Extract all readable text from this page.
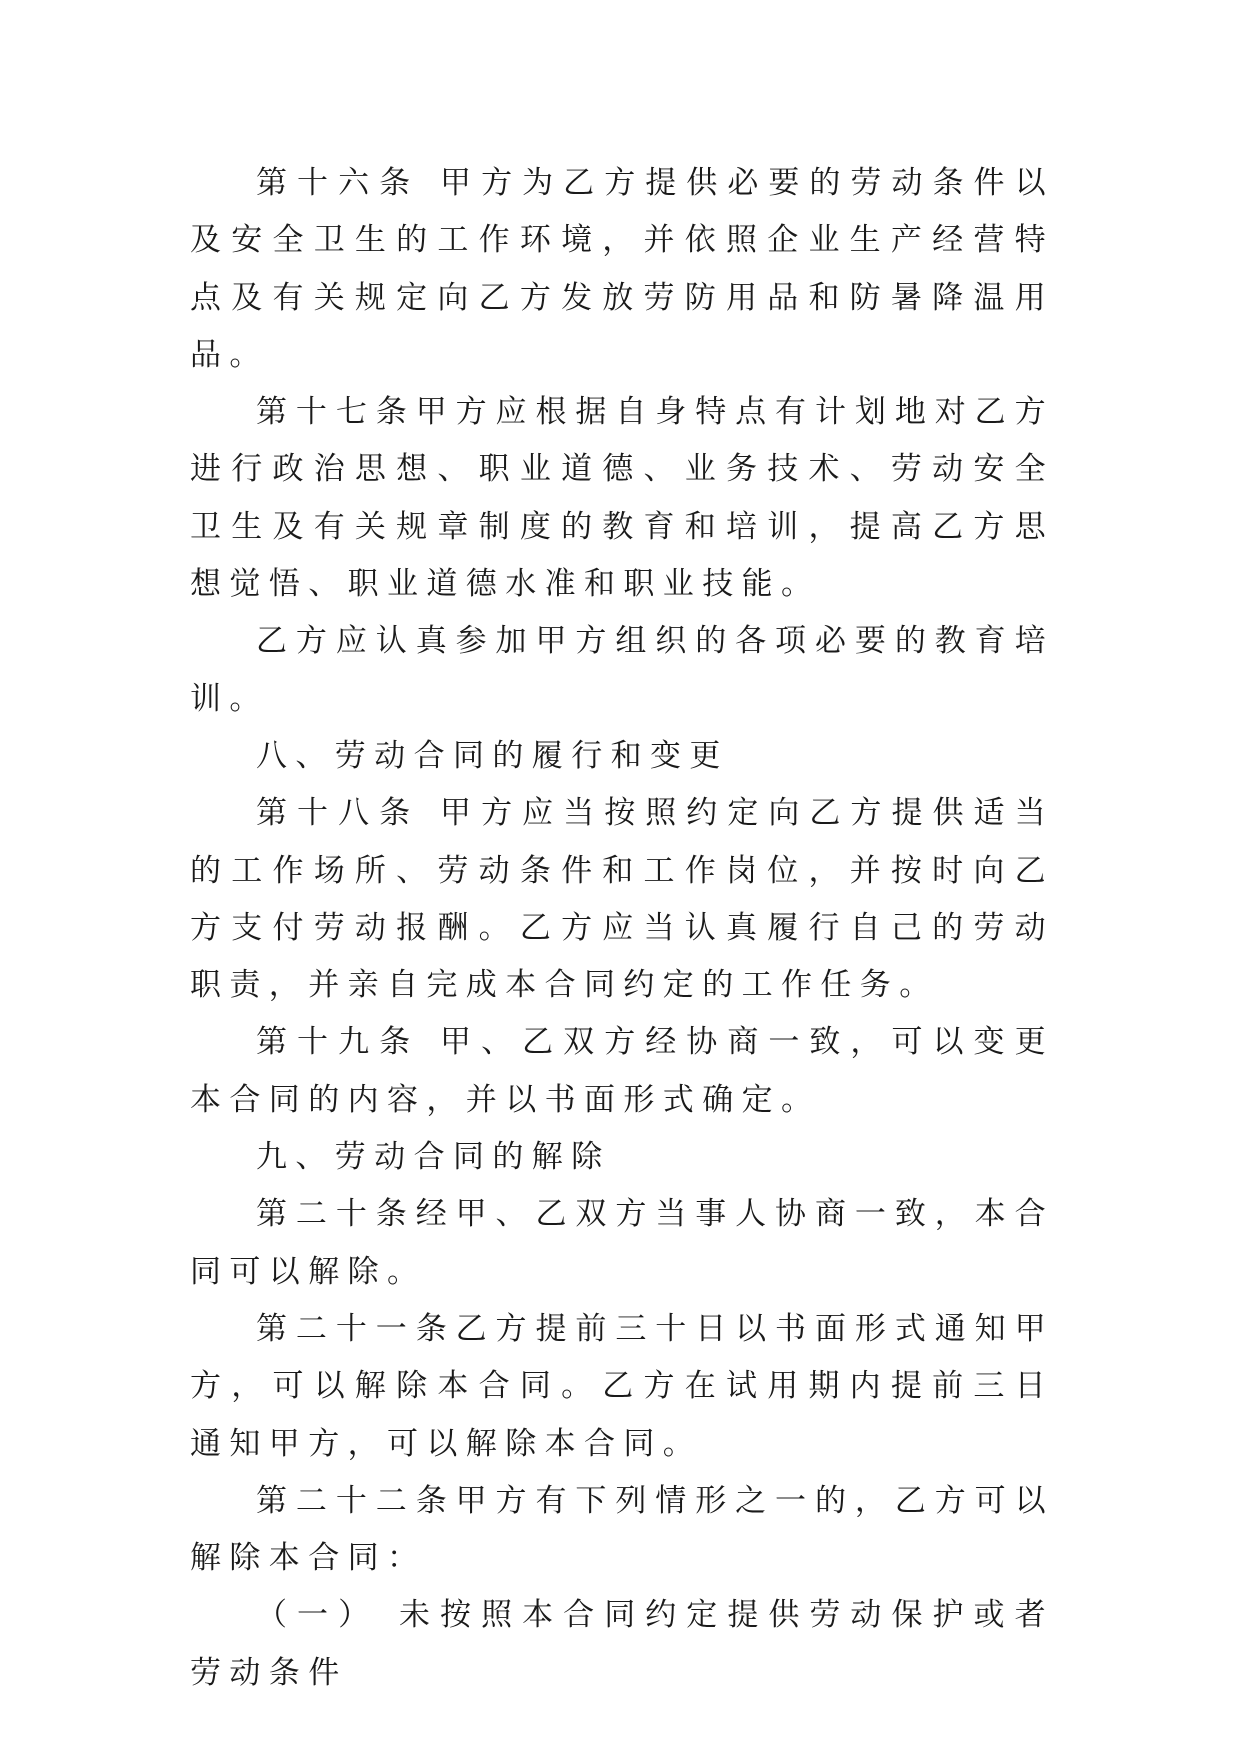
第十六条 甲方为乙方提供必要的劳动条件以及安全卫生的工作环境，并依照企业生产经营特点及有关规定向乙方发放劳防用品和防暑降温用品。

第十七条甲方应根据自身特点有计划地对乙方进行政治思想、职业道德、业务技术、劳动安全卫生及有关规章制度的教育和培训，提高乙方思想觉悟、职业道德水准和职业技能。

乙方应认真参加甲方组织的各项必要的教育培训。

八、劳动合同的履行和变更

第十八条 甲方应当按照约定向乙方提供适当的工作场所、劳动条件和工作岗位，并按时向乙方支付劳动报酬。乙方应当认真履行自己的劳动职责，并亲自完成本合同约定的工作任务。

第十九条 甲、乙双方经协商一致，可以变更本合同的内容，并以书面形式确定。

九、劳动合同的解除

第二十条经甲、乙双方当事人协商一致，本合同可以解除。

第二十一条乙方提前三十日以书面形式通知甲方，可以解除本合同。乙方在试用期内提前三日通知甲方，可以解除本合同。

第二十二条甲方有下列情形之一的，乙方可以解除本合同：

（一） 未按照本合同约定提供劳动保护或者劳动条件
